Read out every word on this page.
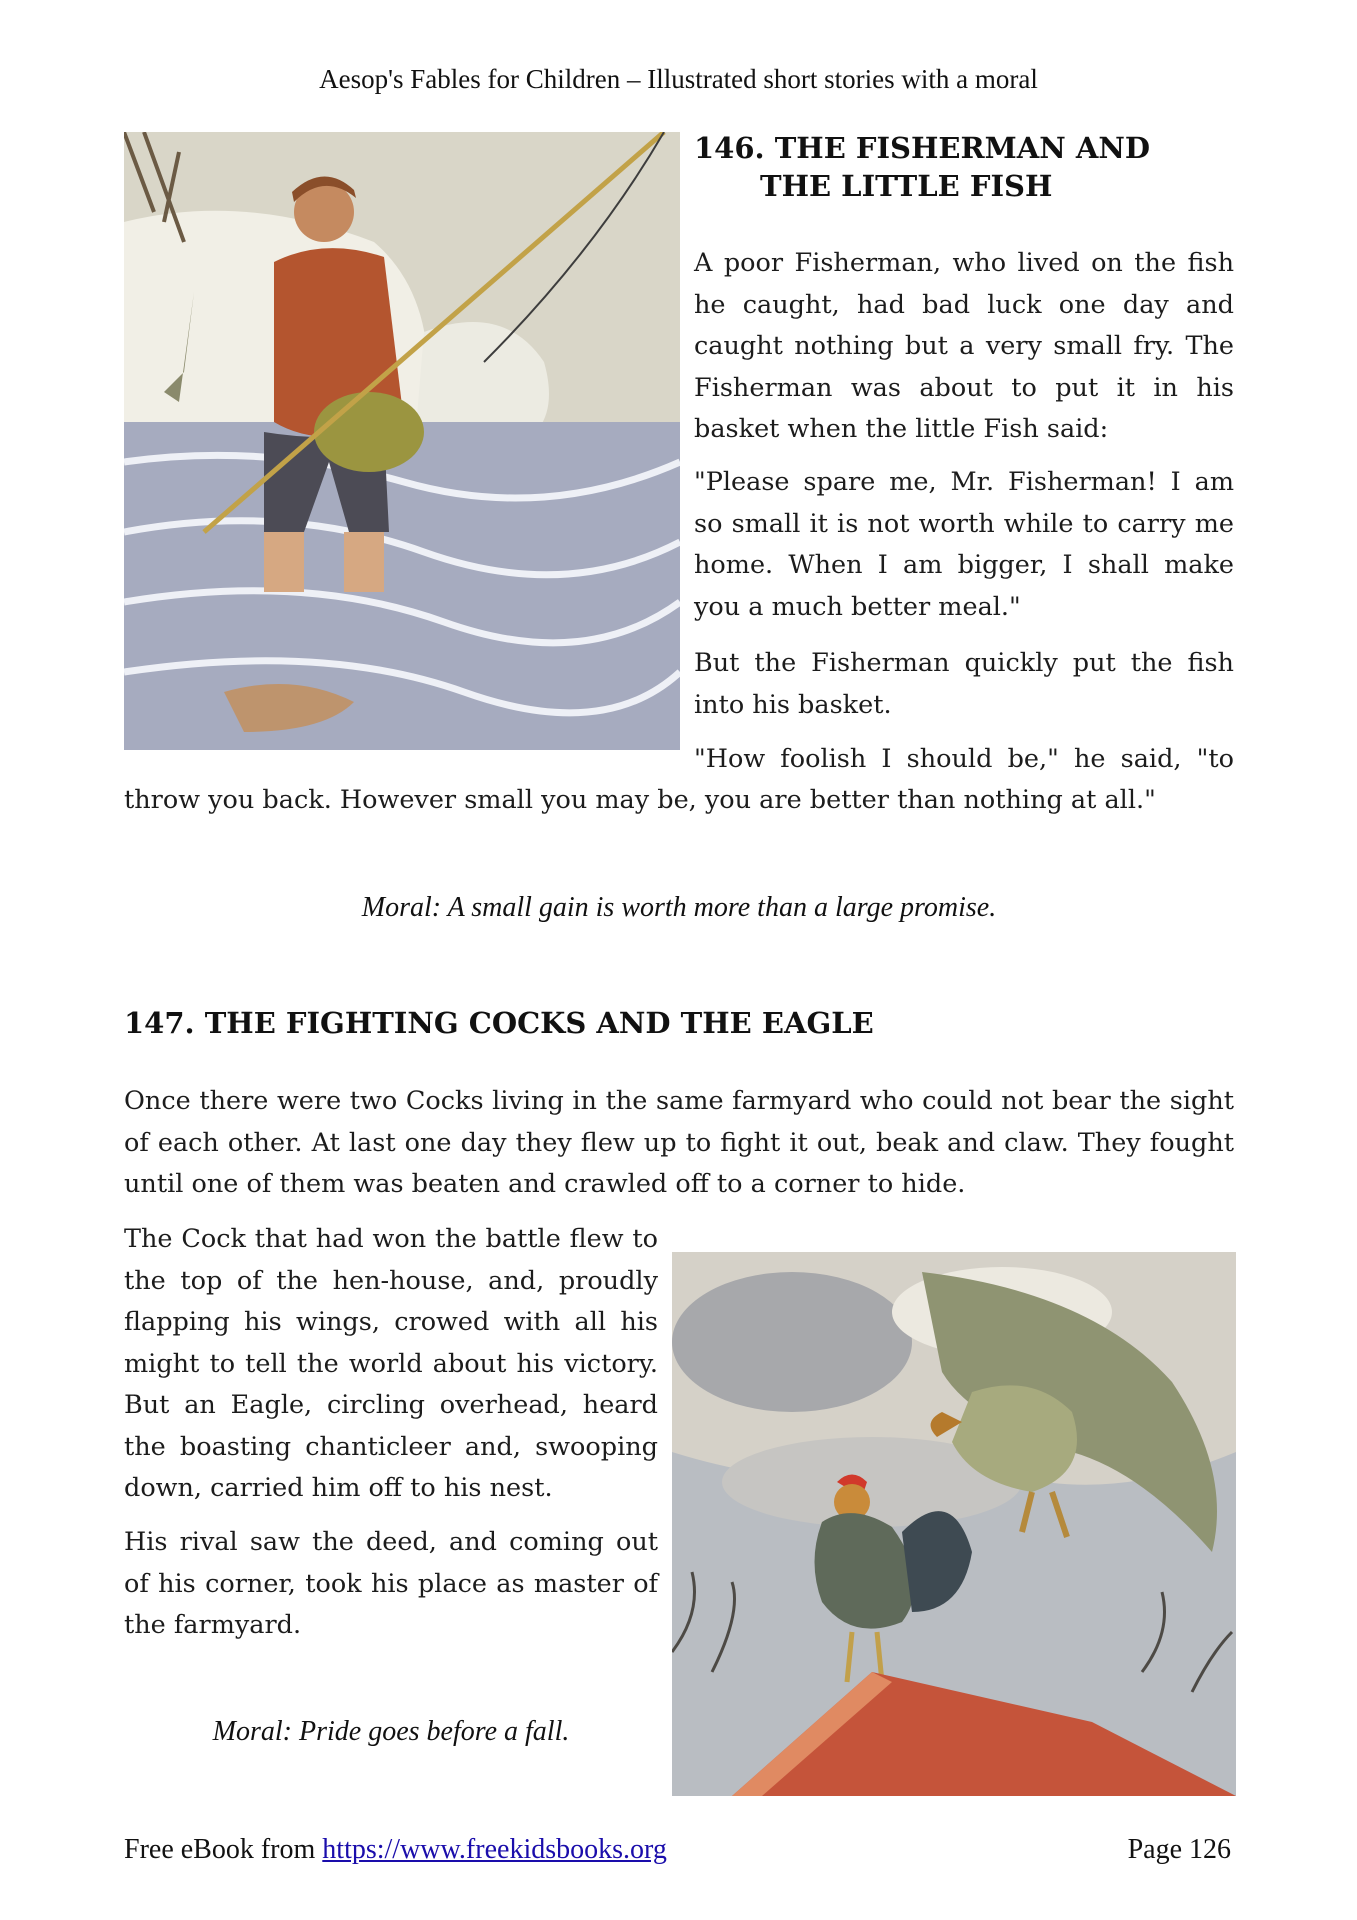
Aesop's Fables for Children – Illustrated short stories with a moral
146. THE FISHERMAN AND
THE LITTLE FISH

A poor Fisherman, who lived on the fish he caught, had bad luck one day and caught nothing but a very small fry. The Fisherman was about to put it in his basket when the little Fish said:

"Please spare me, Mr. Fisherman! I am so small it is not worth while to carry me home. When I am bigger, I shall make you a much better meal."

But the Fisherman quickly put the fish into his basket.

"How foolish I should be," he said, "to

throw you back. However small you may be, you are better than nothing at all."

Moral: A small gain is worth more than a large promise.

147. THE FIGHTING COCKS AND THE EAGLE

Once there were two Cocks living in the same farmyard who could not bear the sight of each other. At last one day they flew up to fight it out, beak and claw. They fought until one of them was beaten and crawled off to a corner to hide.

The Cock that had won the battle flew to the top of the hen-house, and, proudly flapping his wings, crowed with all his might to tell the world about his victory. But an Eagle, circling overhead, heard the boasting chanticleer and, swooping down, carried him off to his nest.

His rival saw the deed, and coming out of his corner, took his place as master of the farmyard.

Moral: Pride goes before a fall.

Free eBook from https://www.freekidsbooks.org	Page 126
